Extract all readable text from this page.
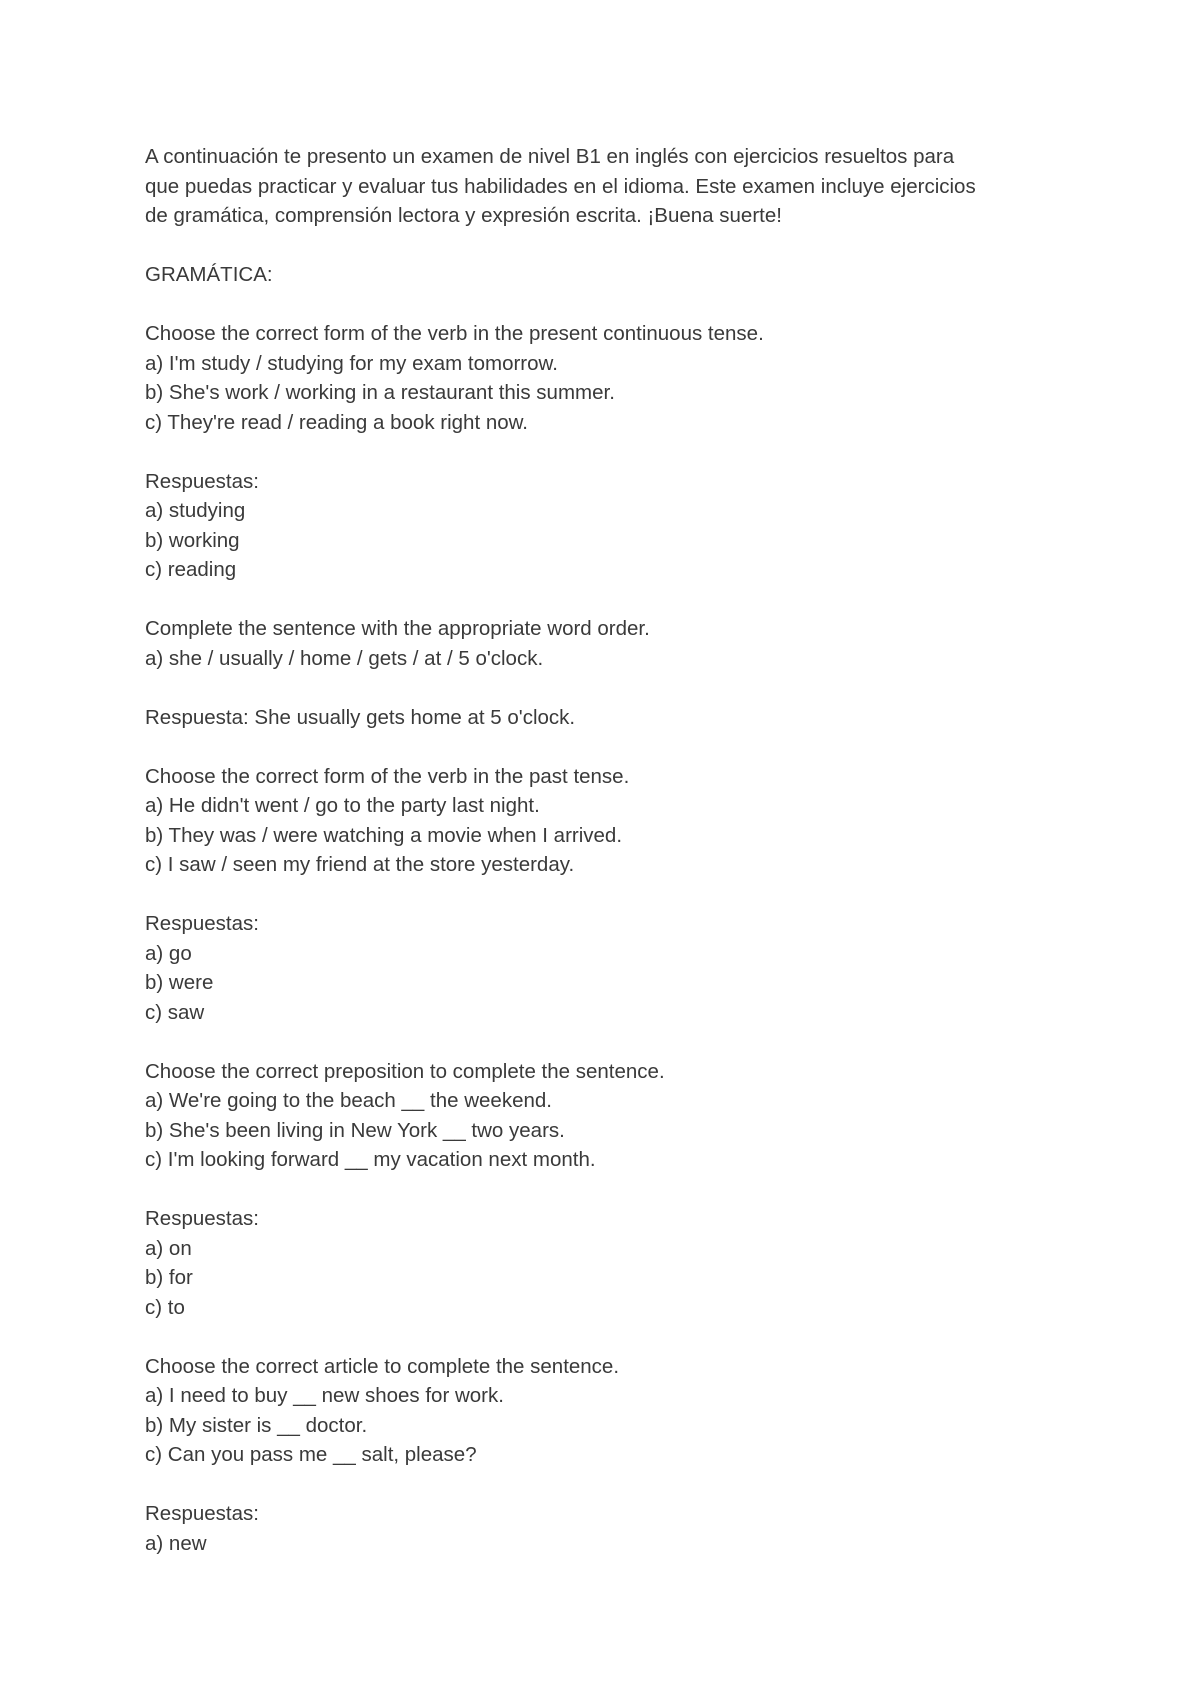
A continuación te presento un examen de nivel B1 en inglés con ejercicios resueltos para
que puedas practicar y evaluar tus habilidades en el idioma. Este examen incluye ejercicios
de gramática, comprensión lectora y expresión escrita. ¡Buena suerte!
GRAMÁTICA:
Choose the correct form of the verb in the present continuous tense.
a) I'm study / studying for my exam tomorrow.
b) She's work / working in a restaurant this summer.
c) They're read / reading a book right now.
Respuestas:
a) studying
b) working
c) reading
Complete the sentence with the appropriate word order.
a) she / usually / home / gets / at / 5 o'clock.
Respuesta: She usually gets home at 5 o'clock.
Choose the correct form of the verb in the past tense.
a) He didn't went / go to the party last night.
b) They was / were watching a movie when I arrived.
c) I saw / seen my friend at the store yesterday.
Respuestas:
a) go
b) were
c) saw
Choose the correct preposition to complete the sentence.
a) We're going to the beach __ the weekend.
b) She's been living in New York __ two years.
c) I'm looking forward __ my vacation next month.
Respuestas:
a) on
b) for
c) to
Choose the correct article to complete the sentence.
a) I need to buy __ new shoes for work.
b) My sister is __ doctor.
c) Can you pass me __ salt, please?
Respuestas:
a) new
